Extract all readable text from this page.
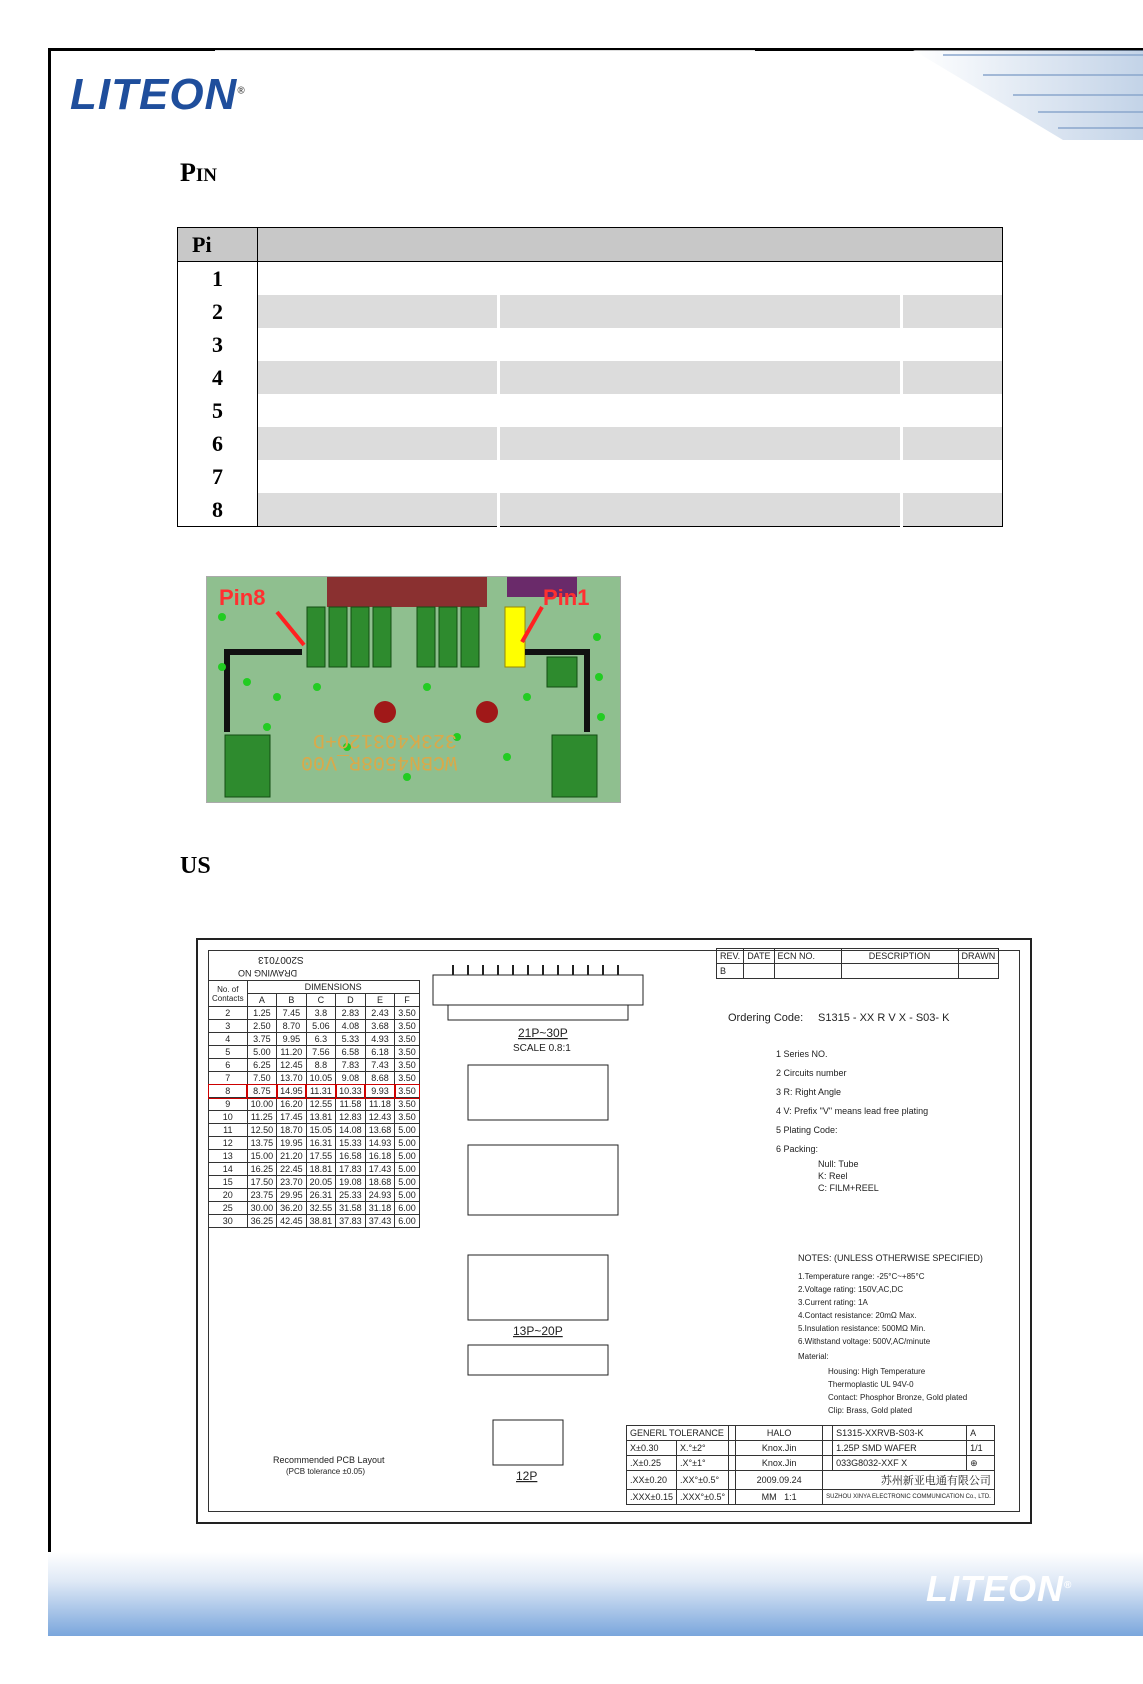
LITEON®
PIN
Pi			
1			
2			
3			
4			
5			
6			
7			
8			
Pin8	Pin1
WCBN4508R_V00
323K40312O+D
US
S2007013
DRAWING NO
No. of Contacts	DIMENSIONS					
	A	B	C	D	E	F
2	1.25	7.45	3.8	2.83	2.43	3.50
3	2.50	8.70	5.06	4.08	3.68	3.50
4	3.75	9.95	6.3	5.33	4.93	3.50
5	5.00	11.20	7.56	6.58	6.18	3.50
6	6.25	12.45	8.8	7.83	7.43	3.50
7	7.50	13.70	10.05	9.08	8.68	3.50
8	8.75	14.95	11.31	10.33	9.93	3.50
9	10.00	16.20	12.55	11.58	11.18	3.50
10	11.25	17.45	13.81	12.83	12.43	3.50
11	12.50	18.70	15.05	14.08	13.68	5.00
12	13.75	19.95	16.31	15.33	14.93	5.00
13	15.00	21.20	17.55	16.58	16.18	5.00
14	16.25	22.45	18.81	17.83	17.43	5.00
15	17.50	23.70	20.05	19.08	18.68	5.00
20	23.75	29.95	26.31	25.33	24.93	5.00
25	30.00	36.20	32.55	31.58	31.18	6.00
30	36.25	42.45	38.81	37.83	37.43	6.00
REV.	DATE	ECN NO.	DESCRIPTION	DRAWN
B				
21P~30P
SCALE 0.8:1
13P~20P
12P
Ordering Code: S1315 - XX R V X - S03- K
1 Series NO.
2 Circuits number
3 R: Right Angle
4 V: Prefix "V" means lead free plating
5 Plating Code:
6 Packing:
Null: Tube
K: Reel
C: FILM+REEL
NOTES: (UNLESS OTHERWISE SPECIFIED)
1.Temperature range: -25°C~+85°C
2.Voltage rating: 150V,AC,DC
3.Current rating: 1A
4.Contact resistance: 20mΩ Max.
5.Insulation resistance: 500MΩ Min.
6.Withstand voltage: 500V,AC/minute
Material:
Housing: High Temperature
Thermoplastic UL 94V-0
Contact: Phosphor Bronze, Gold plated
Clip: Brass, Gold plated
Recommended PCB Layout
(PCB tolerance ±0.05)
GENERL TOLERANCE			HALO		S1315-XXRVB-S03-K	A
X±0.30	X.°±2°		Knox.Jin		1.25P SMD WAFER	1/1
.X±0.25	.X°±1°		Knox.Jin		033G8032-XXF X	⊕
.XX±0.20	.XX°±0.5°		2009.09.24	苏州新亚电通有限公司		
.XXX±0.15	.XXX°±0.5°		MM 1:1	SUZHOU XINYA ELECTRONIC COMMUNICATION Co., LTD.		
LITEON®
